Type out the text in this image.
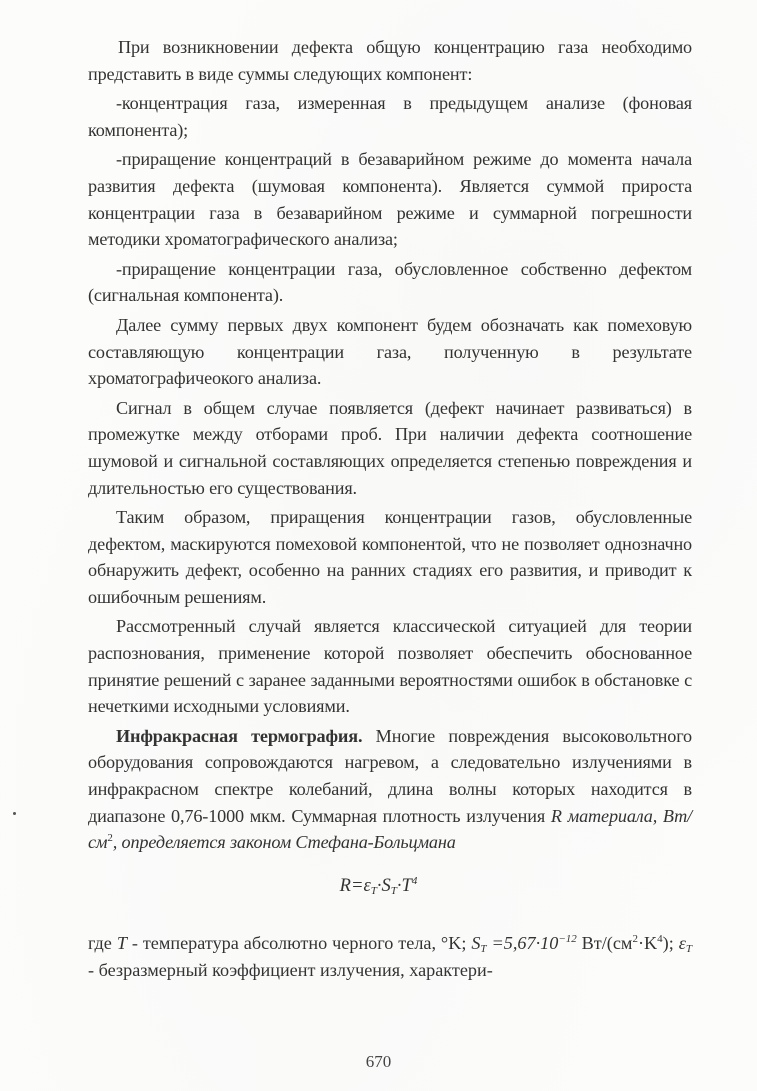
При возникновении дефекта общую концентрацию газа необходимо представить в виде суммы следующих компонент:

-концентрация газа, измеренная в предыдущем анализе (фоновая компонента);

-приращение концентраций в безаварийном режиме до момента начала развития дефекта (шумовая компонента). Является суммой прироста концентрации газа в безаварийном режиме и суммарной погрешности методики хроматографического анализа;

-приращение концентрации газа, обусловленное собственно дефектом (сигнальная компонента).

Далее сумму первых двух компонент будем обозначать как помеховую составляющую концентрации газа, полученную в результате хроматографичеокого анализа.

Сигнал в общем случае появляется (дефект начинает развиваться) в промежутке между отборами проб. При наличии дефекта соотношение шумовой и сигнальной составляющих определяется степенью повреждения и длительностью его существования.

Таким образом, приращения концентрации газов, обусловленные дефектом, маскируются помеховой компонентой, что не позволяет однозначно обнаружить дефект, особенно на ранних стадиях его развития, и приводит к ошибочным решениям.

Рассмотренный случай является классической ситуацией для теории распознования, применение которой позволяет обеспечить обоснованное принятие решений с заранее заданными вероятностями ошибок в обстановке с нечеткими исходными условиями.

Инфракрасная термография. Многие повреждения высоковольтного оборудования сопровождаются нагревом, а следовательно излучениями в инфракрасном спектре колебаний, длина волны которых находится в диапазоне 0,76-1000 мкм. Суммарная плотность излучения R материала, $Вт/см^2$, определяется законом Стефана-Больцмана

$R=\varepsilon_T\cdot S_T\cdot T^4$

где T - температура абсолютно черного тела, °K; $S_T =5,67\cdot 10^{-12}$ $Вт/(см^2\cdot K^4)$; $\varepsilon_T$ - безразмерный коэффициент излучения, характери-

670
